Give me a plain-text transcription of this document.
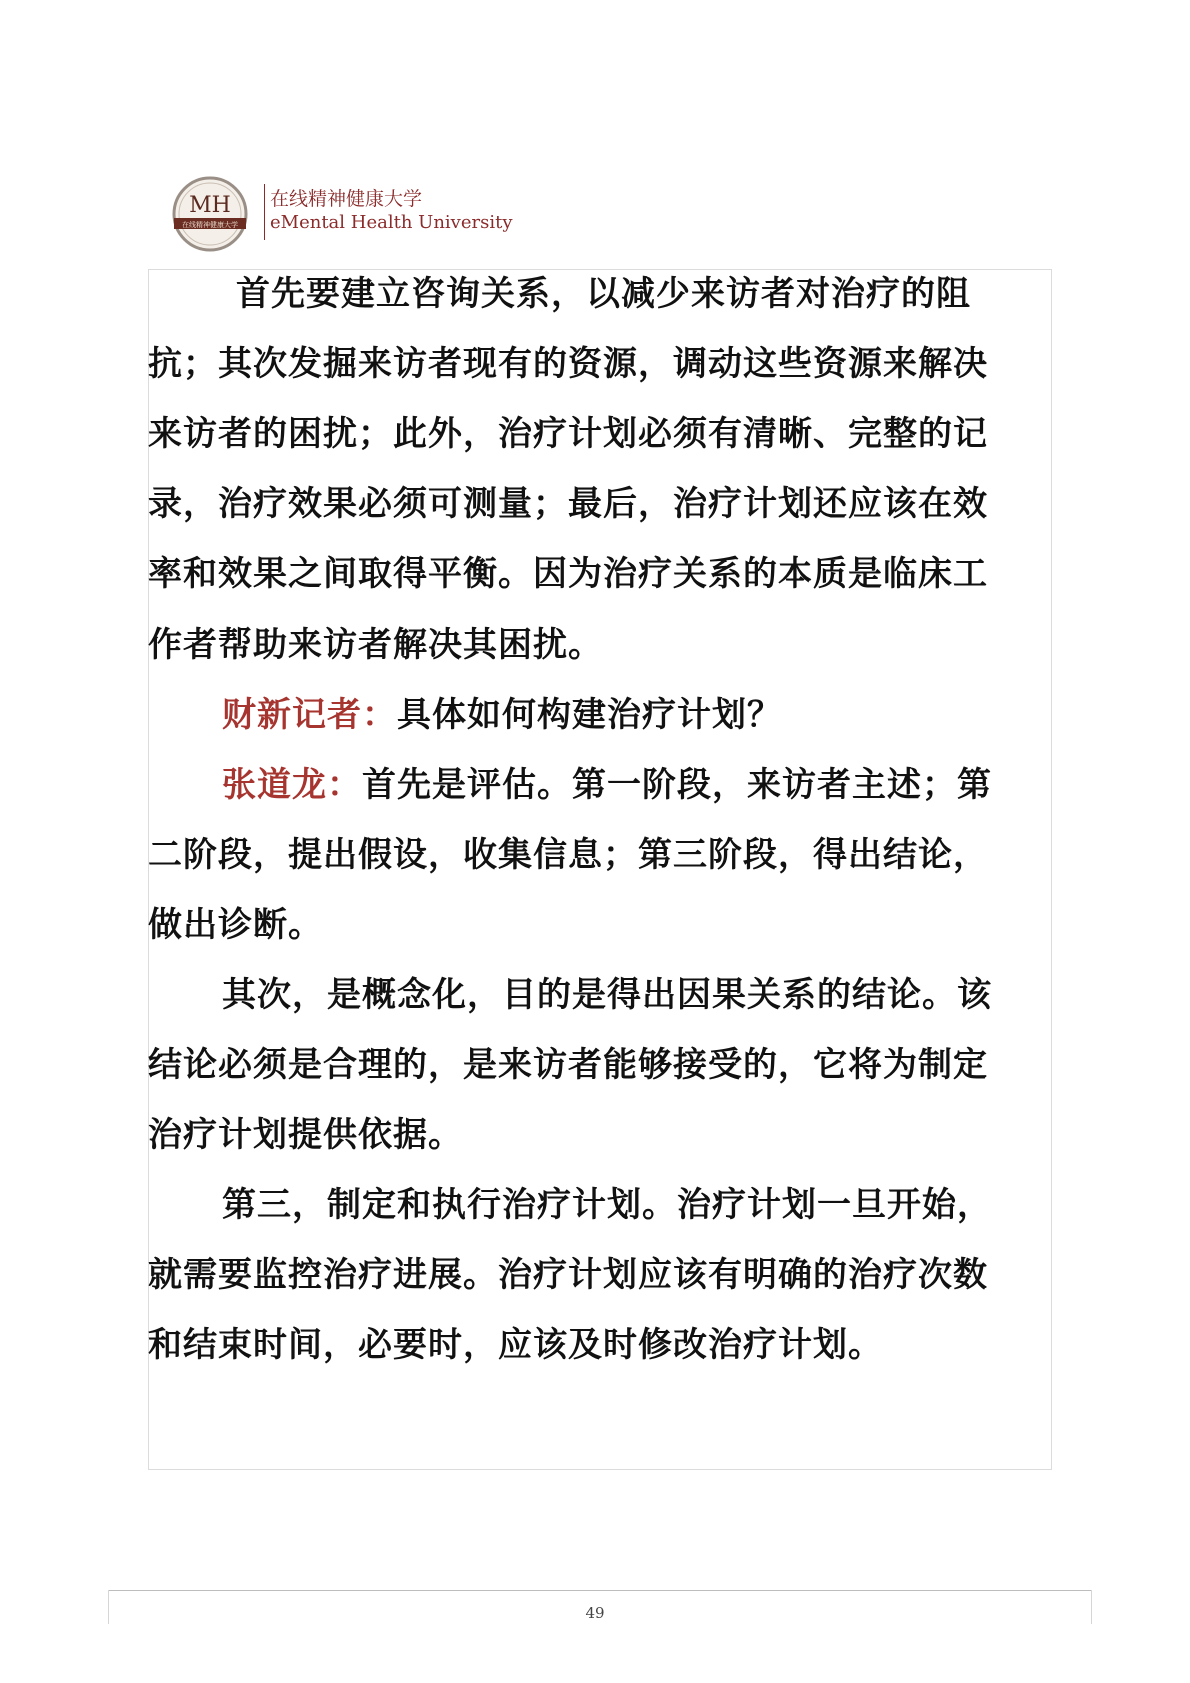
MH
在线精神健康大学
在线精神健康大学
eMental Health University
首先要建立咨询关系，以减少来访者对治疗的阻
抗；其次发掘来访者现有的资源，调动这些资源来解决
来访者的困扰；此外，治疗计划必须有清晰、完整的记
录，治疗效果必须可测量；最后，治疗计划还应该在效
率和效果之间取得平衡。因为治疗关系的本质是临床工
作者帮助来访者解决其困扰。
财新记者：具体如何构建治疗计划？
张道龙：首先是评估。第一阶段，来访者主述；第
二阶段，提出假设，收集信息；第三阶段，得出结论，
做出诊断。
其次，是概念化，目的是得出因果关系的结论。该
结论必须是合理的，是来访者能够接受的，它将为制定
治疗计划提供依据。
第三，制定和执行治疗计划。治疗计划一旦开始，
就需要监控治疗进展。治疗计划应该有明确的治疗次数
和结束时间，必要时，应该及时修改治疗计划。
49
